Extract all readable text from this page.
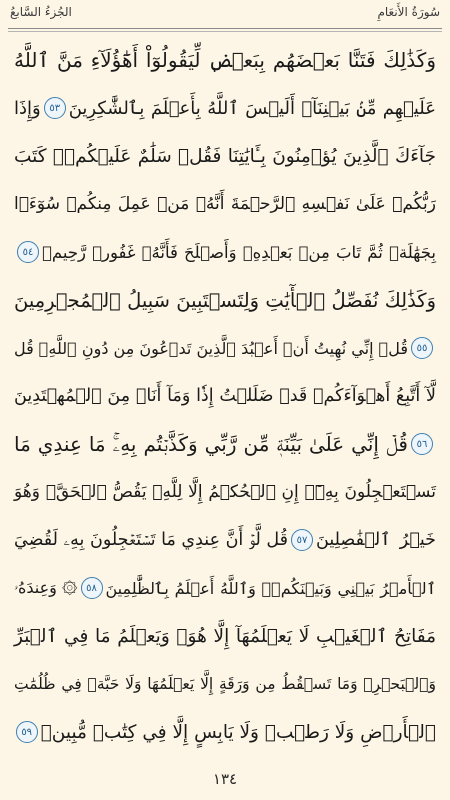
سُورَةُ الأَنعَامِ
الجُزءُ السَّابعُ
وَكَذَٰلِكَ فَتَنَّا بَعۡضَهُم بِبَعۡضٖ لِّيَقُولُوٓاْ أَهَٰٓؤُلَآءِ مَنَّ ٱللَّهُ
عَلَيۡهِم مِّنۢ بَيۡنِنَآۗ أَلَيۡسَ ٱللَّهُ بِأَعۡلَمَ بِٱلشَّٰكِرِينَ
٥٣
وَإِذَا
جَآءَكَ ٱلَّذِينَ يُؤۡمِنُونَ بِـَٔايَٰتِنَا فَقُلۡ سَلَٰمٌ عَلَيۡكُمۡۖ كَتَبَ
رَبُّكُمۡ عَلَىٰ نَفۡسِهِ ٱلرَّحۡمَةَ أَنَّهُۥ مَنۡ عَمِلَ مِنكُمۡ سُوٓءَۢا
بِجَهَٰلَةٖ ثُمَّ تَابَ مِنۢ بَعۡدِهِۦ وَأَصۡلَحَ فَأَنَّهُۥ غَفُورٞ رَّحِيمٞ
٥٤
وَكَذَٰلِكَ نُفَصِّلُ ٱلۡأٓيَٰتِ وَلِتَسۡتَبِينَ سَبِيلُ ٱلۡمُجۡرِمِينَ
٥٥
قُلۡ إِنِّي نُهِيتُ أَنۡ أَعۡبُدَ ٱلَّذِينَ تَدۡعُونَ مِن دُونِ ٱللَّهِۚ قُل
لَّآ أَتَّبِعُ أَهۡوَآءَكُمۡ قَدۡ ضَلَلۡتُ إِذٗا وَمَآ أَنَا۠ مِنَ ٱلۡمُهۡتَدِينَ
٥٦
قُلۡ إِنِّي عَلَىٰ بَيِّنَةٖ مِّن رَّبِّي وَكَذَّبۡتُم بِهِۦۚ مَا عِندِي مَا
تَسۡتَعۡجِلُونَ بِهِۦٓۚ إِنِ ٱلۡحُكۡمُ إِلَّا لِلَّهِۖ يَقُصُّ ٱلۡحَقَّۖ وَهُوَ
خَيۡرُ ٱلۡفَٰصِلِينَ
٥٧
قُل لَّوۡ أَنَّ عِندِي مَا تَسۡتَعۡجِلُونَ بِهِۦ لَقُضِيَ
ٱلۡأَمۡرُ بَيۡنِي وَبَيۡنَكُمۡۗ وَٱللَّهُ أَعۡلَمُ بِٱلظَّٰلِمِينَ
٥٨
۞ وَعِندَهُۥ
مَفَاتِحُ ٱلۡغَيۡبِ لَا يَعۡلَمُهَآ إِلَّا هُوَۚ وَيَعۡلَمُ مَا فِي ٱلۡبَرِّ
وَٱلۡبَحۡرِۚ وَمَا تَسۡقُطُ مِن وَرَقَةٍ إِلَّا يَعۡلَمُهَا وَلَا حَبَّةٖ فِي ظُلُمَٰتِ
ٱلۡأَرۡضِ وَلَا رَطۡبٖ وَلَا يَابِسٍ إِلَّا فِي كِتَٰبٖ مُّبِينٖ
٥٩
١٣٤
